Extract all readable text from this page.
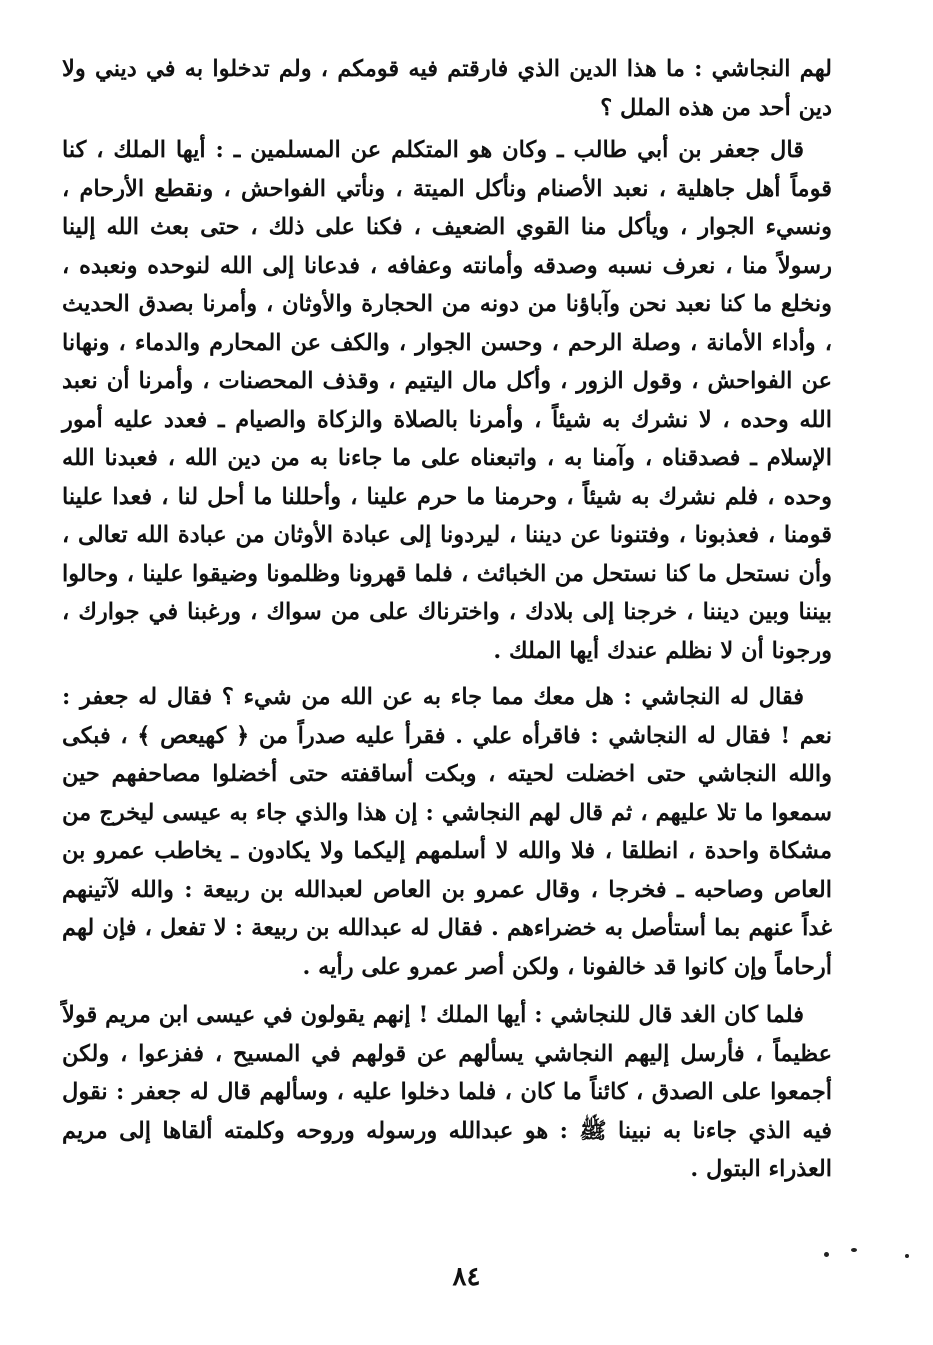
لهم النجاشي : ما هذا الدين الذي فارقتم فيه قومكم ، ولم تدخلوا به في ديني ولا دين أحد من هذه الملل ؟

قال جعفر بن أبي طالب ـ وكان هو المتكلم عن المسلمين ـ : أيها الملك ، كنا قوماً أهل جاهلية ، نعبد الأصنام ونأكل الميتة ، ونأتي الفواحش ، ونقطع الأرحام ، ونسيء الجوار ، ويأكل منا القوي الضعيف ، فكنا على ذلك ، حتى بعث الله إلينا رسولاً منا ، نعرف نسبه وصدقه وأمانته وعفافه ، فدعانا إلى الله لنوحده ونعبده ، ونخلع ما كنا نعبد نحن وآباؤنا من دونه من الحجارة والأوثان ، وأمرنا بصدق الحديث ، وأداء الأمانة ، وصلة الرحم ، وحسن الجوار ، والكف عن المحارم والدماء ، ونهانا عن الفواحش ، وقول الزور ، وأكل مال اليتيم ، وقذف المحصنات ، وأمرنا أن نعبد الله وحده ، لا نشرك به شيئاً ، وأمرنا بالصلاة والزكاة والصيام ـ فعدد عليه أمور الإسلام ـ فصدقناه ، وآمنا به ، واتبعناه على ما جاءنا به من دين الله ، فعبدنا الله وحده ، فلم نشرك به شيئاً ، وحرمنا ما حرم علينا ، وأحللنا ما أحل لنا ، فعدا علينا قومنا ، فعذبونا ، وفتنونا عن ديننا ، ليردونا إلى عبادة الأوثان من عبادة الله تعالى ، وأن نستحل ما كنا نستحل من الخبائث ، فلما قهرونا وظلمونا وضيقوا علينا ، وحالوا بيننا وبين ديننا ، خرجنا إلى بلادك ، واخترناك على من سواك ، ورغبنا في جوارك ، ورجونا أن لا نظلم عندك أيها الملك .

فقال له النجاشي : هل معك مما جاء به عن الله من شيء ؟ فقال له جعفر : نعم ! فقال له النجاشي : فاقرأه علي . فقرأ عليه صدراً من ﴿ كهيعص ﴾ ، فبكى والله النجاشي حتى اخضلت لحيته ، وبكت أساقفته حتى أخضلوا مصاحفهم حين سمعوا ما تلا عليهم ، ثم قال لهم النجاشي : إن هذا والذي جاء به عيسى ليخرج من مشكاة واحدة ، انطلقا ، فلا والله لا أسلمهم إليكما ولا يكادون ـ يخاطب عمرو بن العاص وصاحبه ـ فخرجا ، وقال عمرو بن العاص لعبدالله بن ربيعة : والله لآتينهم غداً عنهم بما أستأصل به خضراءهم . فقال له عبدالله بن ربيعة : لا تفعل ، فإن لهم أرحاماً وإن كانوا قد خالفونا ، ولكن أصر عمرو على رأيه .

فلما كان الغد قال للنجاشي : أيها الملك ! إنهم يقولون في عيسى ابن مريم قولاً عظيماً ، فأرسل إليهم النجاشي يسألهم عن قولهم في المسيح ، ففزعوا ، ولكن أجمعوا على الصدق ، كائناً ما كان ، فلما دخلوا عليه ، وسألهم قال له جعفر : نقول فيه الذي جاءنا به نبينا ﷺ : هو عبدالله ورسوله وروحه وكلمته ألقاها إلى مريم العذراء البتول .

٨٤
